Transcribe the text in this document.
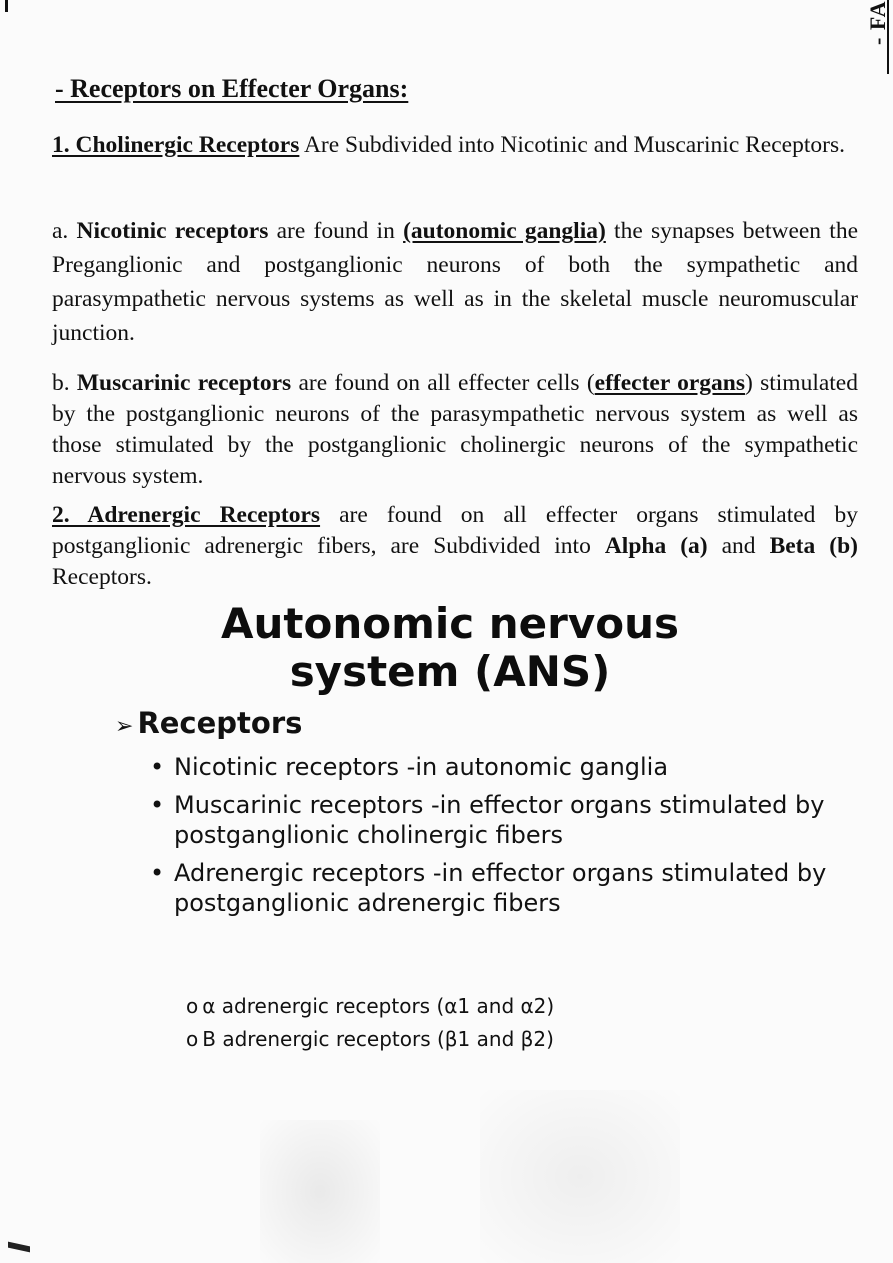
- FA
- Receptors on Effecter Organs:

1. Cholinergic Receptors Are Subdivided into Nicotinic and Muscarinic Receptors.

a. Nicotinic receptors are found in (autonomic ganglia) the synapses between the Preganglionic and postganglionic neurons of both the sympathetic and parasympathetic nervous systems as well as in the skeletal muscle neuromuscular junction.

b. Muscarinic receptors are found on all effecter cells (effecter organs) stimulated by the postganglionic neurons of the parasympathetic nervous system as well as those stimulated by the postganglionic cholinergic neurons of the sympathetic nervous system.

2. Adrenergic Receptors are found on all effecter organs stimulated by postganglionic adrenergic fibers, are Subdivided into Alpha (a) and Beta (b) Receptors.

Autonomic nervous
system (ANS)
➢ Receptors
• Nicotinic receptors -in autonomic ganglia
• Muscarinic receptors -in effector organs stimulated by postganglionic cholinergic fibers
• Adrenergic receptors -in effector organs stimulated by postganglionic adrenergic fibers
o α adrenergic receptors (α1 and α2)
o B adrenergic receptors (β1 and β2)
